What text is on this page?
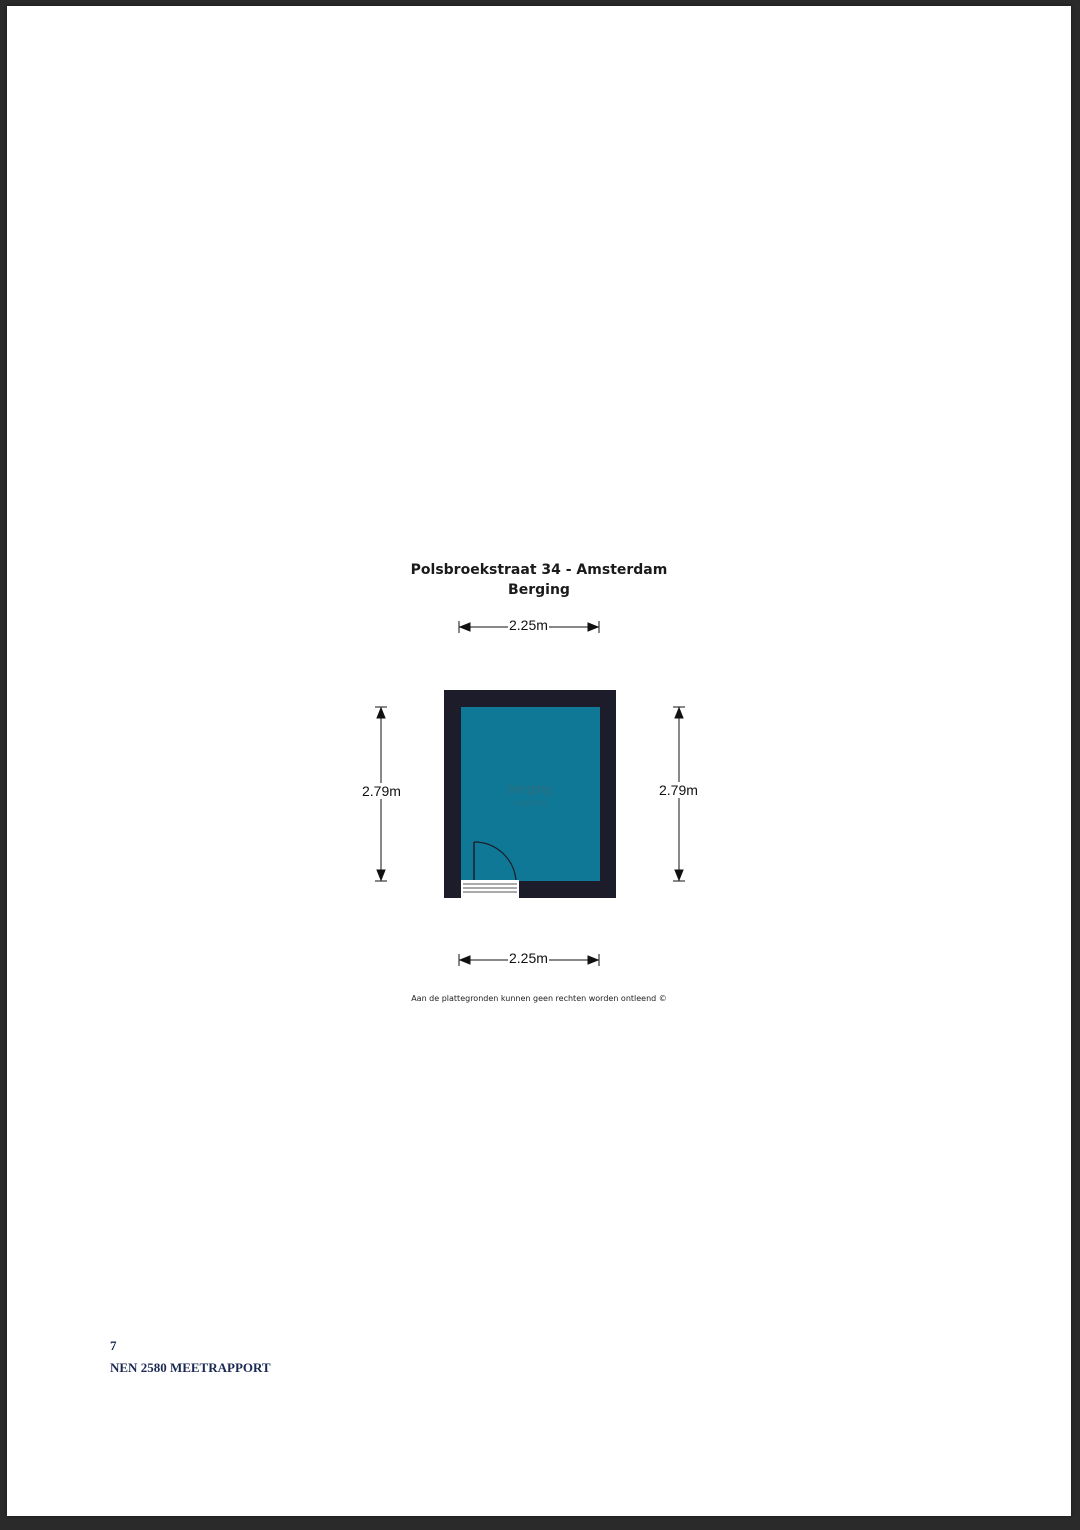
Polsbroekstraat 34 - Amsterdam
Berging
2.25m
2.25m
2.79m	2.79m
berging
h=2.57m
Aan de plattegronden kunnen geen rechten worden ontleend ©
7
NEN 2580 MEETRAPPORT
